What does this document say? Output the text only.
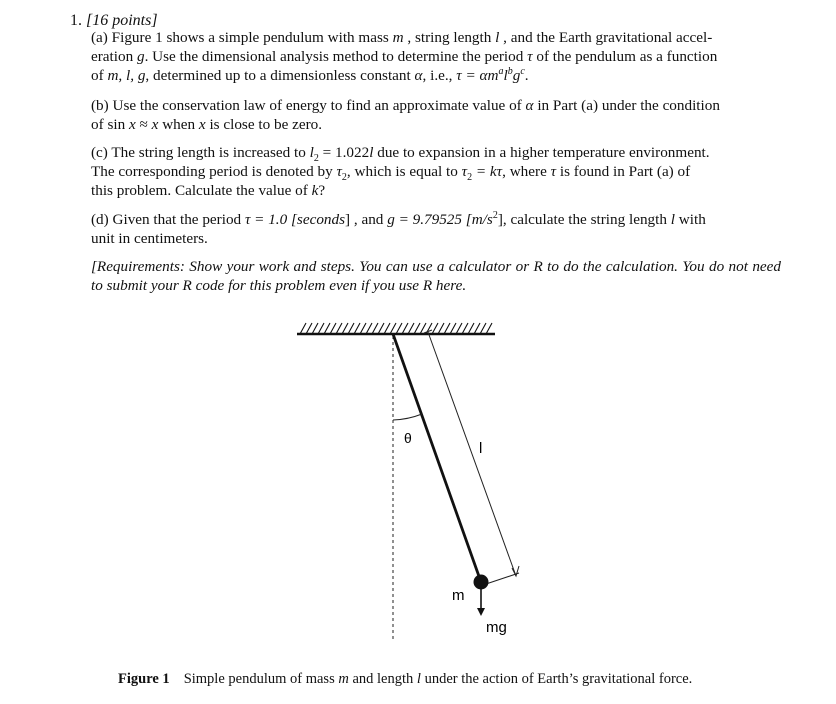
1. [16 points]
(a) Figure 1 shows a simple pendulum with mass m , string length l , and the Earth gravitational accel-
eration g. Use the dimensional analysis method to determine the period τ of the pendulum as a function
of m, l, g, determined up to a dimensionless constant α, i.e., $\tau = \alpha m^al^bg^c$.
(b) Use the conservation law of energy to find an approximate value of α in Part (a) under the condition
of sin x ≈ x when x is close to be zero.
(c) The string length is increased to $l_2 = 1.022l$ due to expansion in a higher temperature environment.
The corresponding period is denoted by $\tau_2$, which is equal to $\tau_2 = k\tau$, where τ is found in Part (a) of
this problem. Calculate the value of k?
(d) Given that the period τ = 1.0 [seconds] , and g = 9.79525 $[m/s^2]$, calculate the string length l with
unit in centimeters.
[Requirements: Show your work and steps. You can use a calculator or R to do the calculation. You do not need to submit your R code for this problem even if you use R here.
θ
l
m
mg
Figure 1 Simple pendulum of mass m and length l under the action of Earth’s gravitational force.
